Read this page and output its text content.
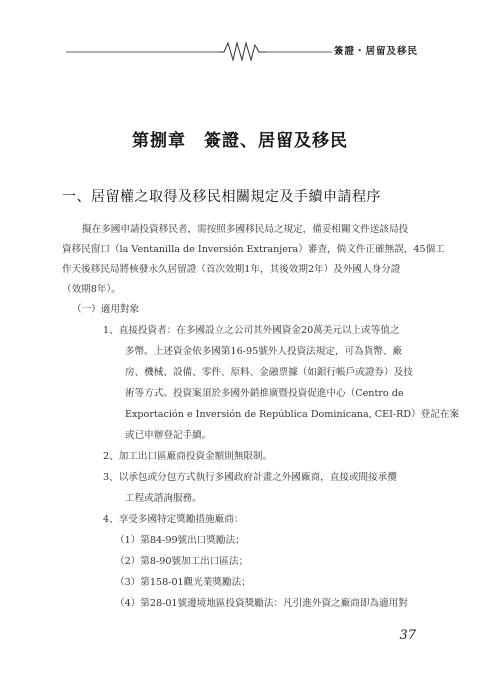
簽證・居留及移民
第捌章　簽證、居留及移民
一、居留權之取得及移民相關規定及手續申請程序
擬在多國申請投資移民者，需按照多國移民局之規定，備妥相關文件送該局投
資移民窗口（la Ventanilla de Inversión Extranjera）審查，倘文件正確無誤，45個工
作天後移民局將核發永久居留證（首次效期1年，其後效期2年）及外國人身分證
（效期8年）。
（一）適用對象
1、直接投資者：在多國設立之公司其外國資金20萬美元以上或等值之
多幣。上述資金依多國第16-95號外人投資法規定，可為貨幣、廠
房、機械、設備、零件、原料、金融票據（如銀行帳戶或證券）及技
術等方式。投資案須於多國外銷推廣暨投資促進中心（Centro de
Exportación e Inversión de República Dominicana, CEI-RD）登記在案
或已申辦登記手續。
2、加工出口區廠商投資金額則無限制。
3、以承包或分包方式執行多國政府計畫之外國廠商，直接或間接承攬
工程或諮詢服務。
4、享受多國特定獎勵措施廠商：
（1）第84-99號出口獎勵法；
（2）第8-90號加工出口區法；
（3）第158-01觀光業獎勵法；
（4）第28-01號邊境地區投資獎勵法：凡引進外資之廠商即為適用對
37
